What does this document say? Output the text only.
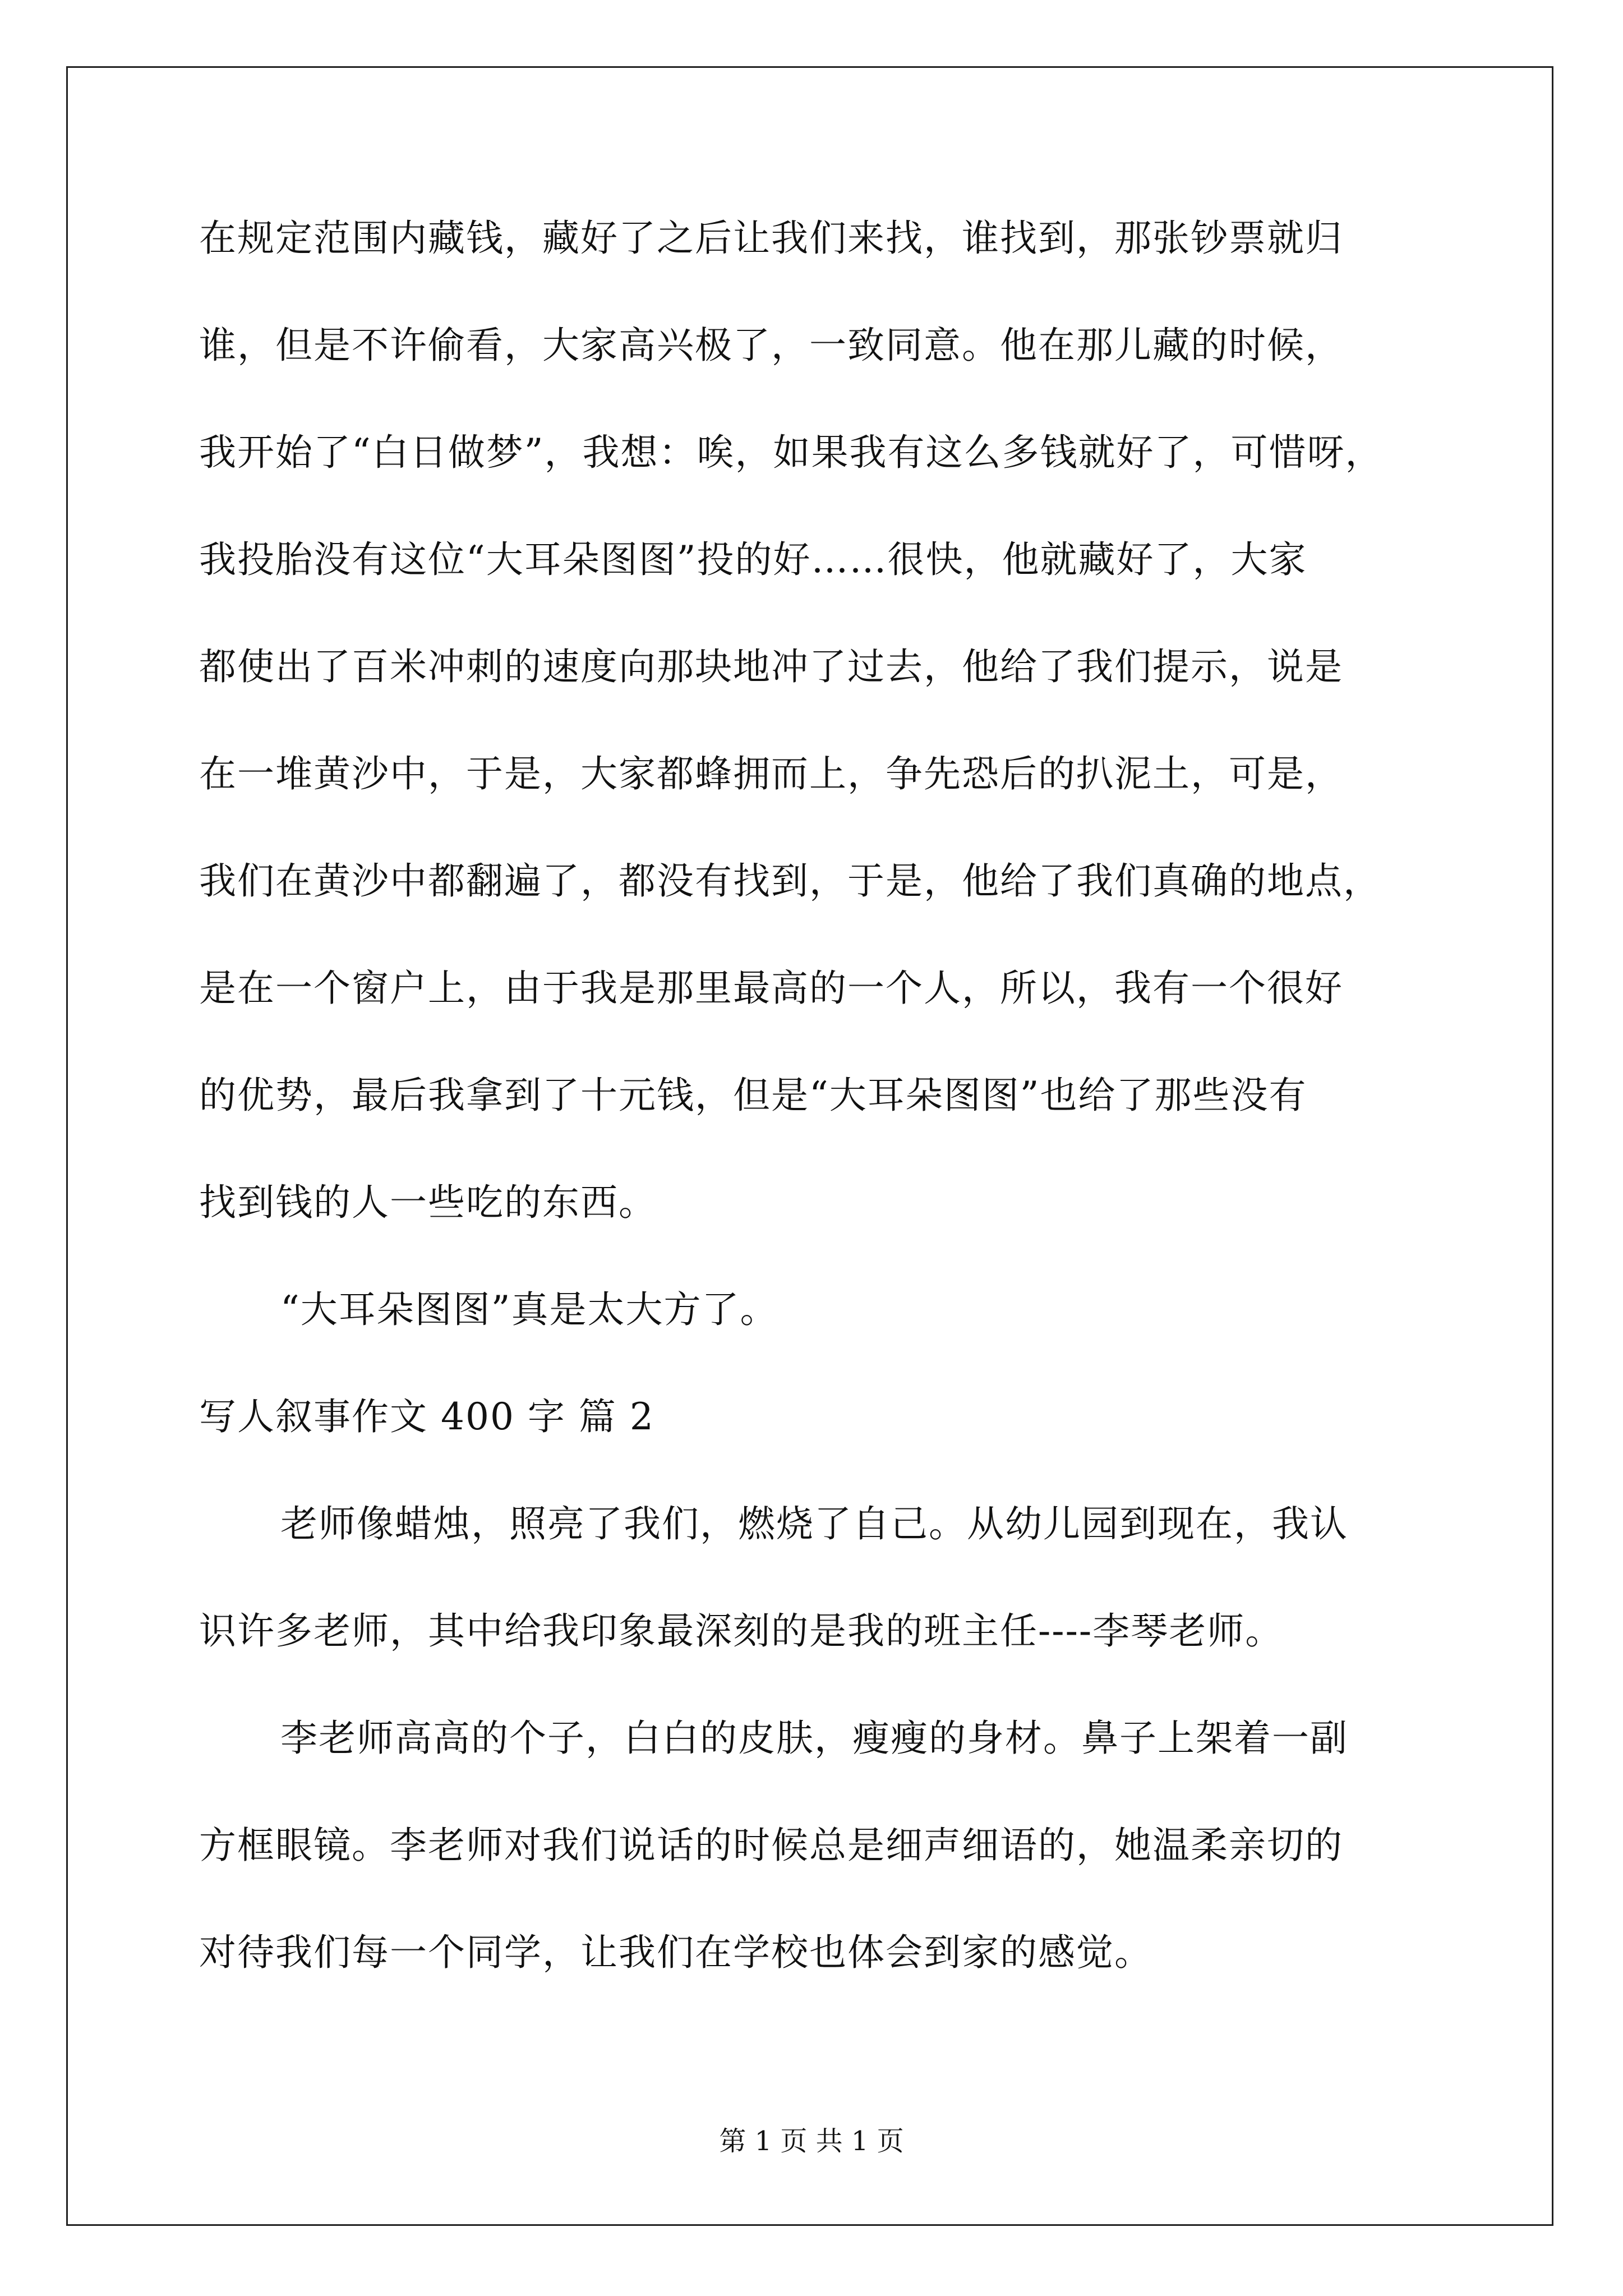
在规定范围内藏钱，藏好了之后让我们来找，谁找到，那张钞票就归
谁，但是不许偷看，大家高兴极了，一致同意。他在那儿藏的时候，
我开始了“白日做梦”，我想：唉，如果我有这么多钱就好了，可惜呀，
我投胎没有这位“大耳朵图图”投的好……很快，他就藏好了，大家
都使出了百米冲刺的速度向那块地冲了过去，他给了我们提示，说是
在一堆黄沙中，于是，大家都蜂拥而上，争先恐后的扒泥土，可是，
我们在黄沙中都翻遍了，都没有找到，于是，他给了我们真确的地点，
是在一个窗户上，由于我是那里最高的一个人，所以，我有一个很好
的优势，最后我拿到了十元钱，但是“大耳朵图图”也给了那些没有
找到钱的人一些吃的东西。
“大耳朵图图”真是太大方了。
写人叙事作文 400 字 篇 2
老师像蜡烛，照亮了我们，燃烧了自己。从幼儿园到现在，我认
识许多老师，其中给我印象最深刻的是我的班主任----李琴老师。
李老师高高的个子，白白的皮肤，瘦瘦的身材。鼻子上架着一副
方框眼镜。李老师对我们说话的时候总是细声细语的，她温柔亲切的
对待我们每一个同学，让我们在学校也体会到家的感觉。
第 1 页 共 1 页
